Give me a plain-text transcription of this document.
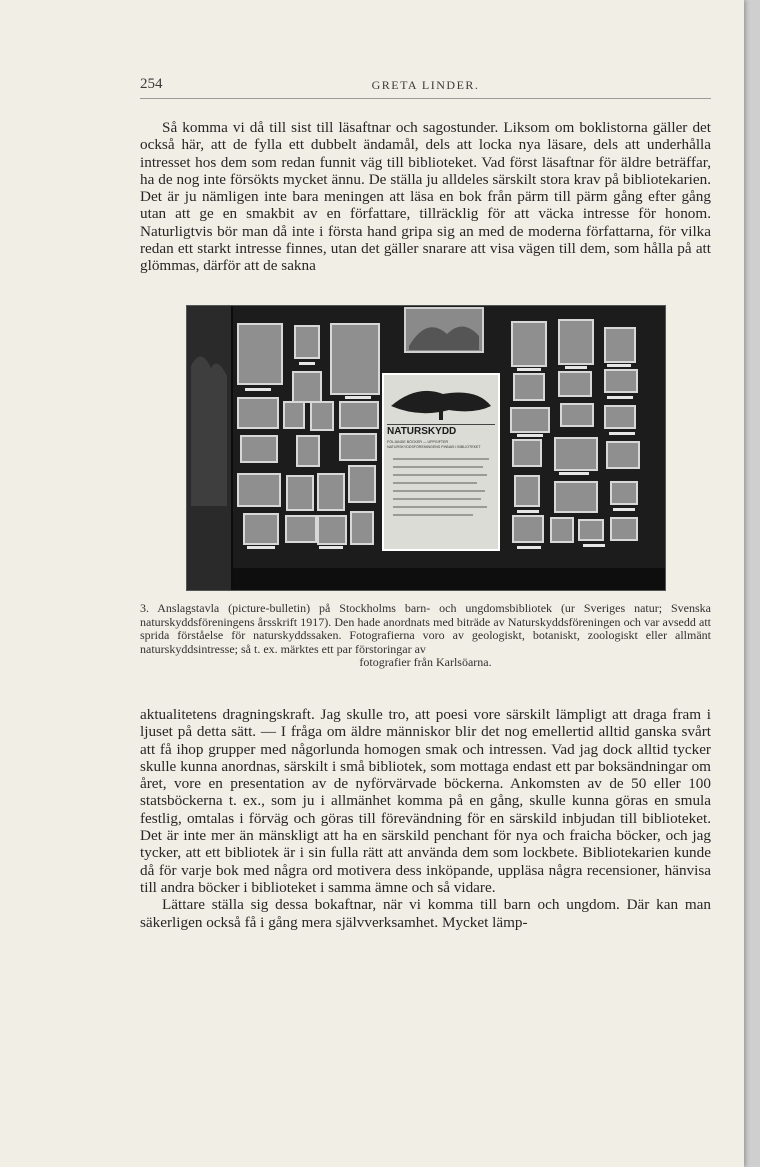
254	GRETA LINDER.

Så komma vi då till sist till läsaftnar och sagostunder. Liksom om boklistorna gäller det också här, att de fylla ett dubbelt ändamål, dels att locka nya läsare, dels att underhålla intresset hos dem som redan funnit väg till biblioteket. Vad först läsaftnar för äldre beträffar, ha de nog inte försökts mycket ännu. De ställa ju alldeles särskilt stora krav på bibliotekarien. Det är ju nämligen inte bara meningen att läsa en bok från pärm till pärm gång efter gång utan att ge en smakbit av en författare, tillräcklig för att väcka intresse för honom. Naturligtvis bör man då inte i första hand gripa sig an med de moderna författarna, för vilka redan ett starkt intresse finnes, utan det gäller snarare att visa vägen till dem, som hålla på att glömmas, därför att de sakna

NATURSKYDD
FÖLJANDE BÖCKER — UPPGIFTER
NATURSKYDDSFÖRENINGENS FINNAS I BIBLIOTEKET

3. Anslagstavla (picture-bulletin) på Stockholms barn- och ungdomsbibliotek (ur Sveriges natur; Svenska naturskyddsföreningens årsskrift 1917). Den hade anordnats med biträde av Naturskyddsföreningen och var avsedd att sprida förståelse för naturskyddssaken. Fotografierna voro av geologiskt, botaniskt, zoologiskt eller allmänt naturskyddsintresse; så t. ex. märktes ett par förstoringar av

fotografier från Karlsöarna.

aktualitetens dragningskraft. Jag skulle tro, att poesi vore särskilt lämpligt att draga fram i ljuset på detta sätt. — I fråga om äldre människor blir det nog emellertid alltid ganska svårt att få ihop grupper med någorlunda homogen smak och intressen. Vad jag dock alltid tycker skulle kunna anordnas, särskilt i små bibliotek, som mottaga endast ett par boksändningar om året, vore en presentation av de nyförvärvade böckerna. Ankomsten av de 50 eller 100 statsböckerna t. ex., som ju i allmänhet komma på en gång, skulle kunna göras en smula festlig, omtalas i förväg och göras till förevändning för en särskild inbjudan till biblioteket. Det är inte mer än mänskligt att ha en särskild penchant för nya och fraicha böcker, och jag tycker, att ett bibliotek är i sin fulla rätt att använda dem som lockbete. Bibliotekarien kunde då för varje bok med några ord motivera dess inköpande, uppläsa några recensioner, hänvisa till andra böcker i biblioteket i samma ämne och så vidare.

Lättare ställa sig dessa bokaftnar, när vi komma till barn och ungdom. Där kan man säkerligen också få i gång mera självverksamhet. Mycket lämp-
